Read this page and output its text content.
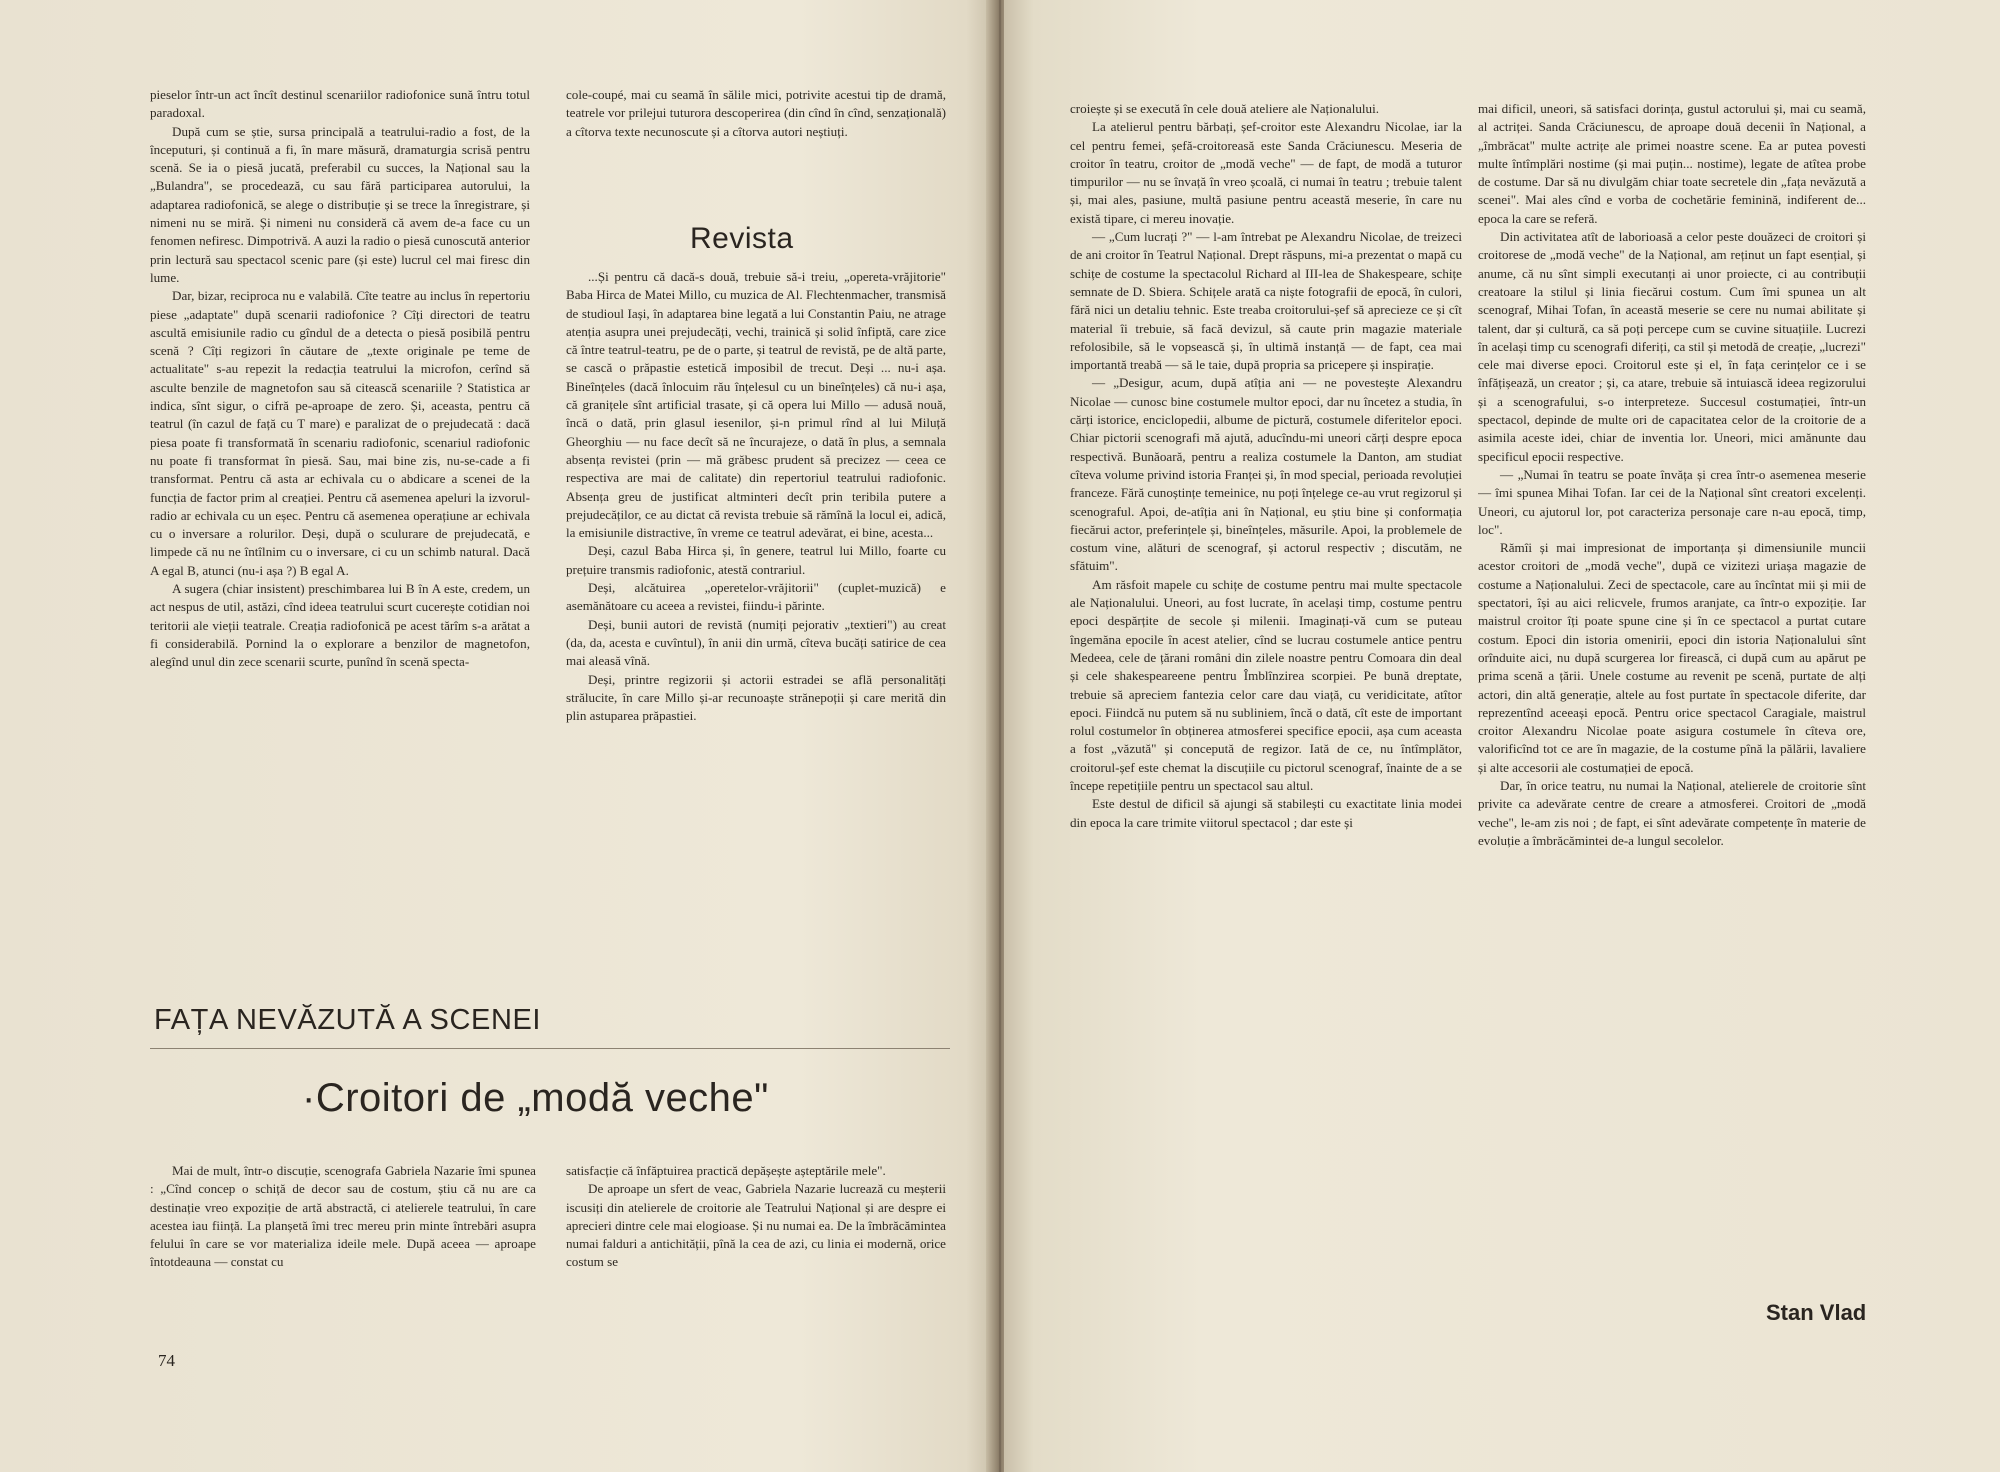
pieselor într-un act încît destinul scenariilor radiofonice sună întru totul paradoxal.

După cum se știe, sursa principală a teatrului-radio a fost, de la începuturi, și continuă a fi, în mare măsură, dramaturgia scrisă pentru scenă. Se ia o piesă jucată, preferabil cu succes, la Național sau la „Bulandra", se procedează, cu sau fără participarea autorului, la adaptarea radiofonică, se alege o distribuție și se trece la înregistrare, și nimeni nu se miră. Și nimeni nu consideră că avem de-a face cu un fenomen nefiresc. Dimpotrivă. A auzi la radio o piesă cunoscută anterior prin lectură sau spectacol scenic pare (și este) lucrul cel mai firesc din lume.

Dar, bizar, reciproca nu e valabilă. Cîte teatre au inclus în repertoriu piese „adaptate" după scenarii radiofonice ? Cîți directori de teatru ascultă emisiunile radio cu gîndul de a detecta o piesă posibilă pentru scenă ? Cîți regizori în căutare de „texte originale pe teme de actualitate" s-au repezit la redacția teatrului la microfon, cerînd să asculte benzile de magnetofon sau să citească scenariile ? Statistica ar indica, sînt sigur, o cifră pe-aproape de zero. Și, aceasta, pentru că teatrul (în cazul de față cu T mare) e paralizat de o prejudecată : dacă piesa poate fi transformată în scenariu radiofonic, scenariul radiofonic nu poate fi transformat în piesă. Sau, mai bine zis, nu-se-cade a fi transformat. Pentru că asta ar echivala cu o abdicare a scenei de la funcția de factor prim al creației. Pentru că asemenea apeluri la izvorul-radio ar echivala cu un eșec. Pentru că asemenea operațiune ar echivala cu o inversare a rolurilor. Deși, după o sculurare de prejudecată, e limpede că nu ne întîlnim cu o inversare, ci cu un schimb natural. Dacă A egal B, atunci (nu-i așa ?) B egal A.

A sugera (chiar insistent) preschimbarea lui B în A este, credem, un act nespus de util, astăzi, cînd ideea teatrului scurt cucerește cotidian noi teritorii ale vieții teatrale. Creația radiofonică pe acest tărîm s-a arătat a fi considerabilă. Pornind la o explorare a benzilor de magnetofon, alegînd unul din zece scenarii scurte, punînd în scenă specta-

cole-coupé, mai cu seamă în sălile mici, potrivite acestui tip de dramă, teatrele vor prilejui tuturora descoperirea (din cînd în cînd, senzațională) a cîtorva texte necunoscute și a cîtorva autori neștiuți.

Revista

...Și pentru că dacă-s două, trebuie să-i treiu, „opereta-vrăjitorie" Baba Hirca de Matei Millo, cu muzica de Al. Flechtenmacher, transmisă de studioul Iași, în adaptarea bine legată a lui Constantin Paiu, ne atrage atenția asupra unei prejudecăți, vechi, trainică și solid înfiptă, care zice că între teatrul-teatru, pe de o parte, și teatrul de revistă, pe de altă parte, se cască o prăpastie estetică imposibil de trecut. Deși ... nu-i așa. Bineînțeles (dacă înlocuim rău înțelesul cu un bineînțeles) că nu-i așa, că granițele sînt artificial trasate, și că opera lui Millo — adusă nouă, încă o dată, prin glasul iesenilor, și-n primul rînd al lui Miluță Gheorghiu — nu face decît să ne încurajeze, o dată în plus, a semnala absența revistei (prin — mă grăbesc prudent să precizez — ceea ce respectiva are mai de calitate) din repertoriul teatrului radiofonic. Absența greu de justificat altminteri decît prin teribila putere a prejudecăților, ce au dictat că revista trebuie să rămînă la locul ei, adică, la emisiunile distractive, în vreme ce teatrul adevărat, ei bine, acesta...

Deși, cazul Baba Hirca și, în genere, teatrul lui Millo, foarte cu prețuire transmis radiofonic, atestă contrariul.

Deși, alcătuirea „operetelor-vrăjitorii" (cuplet-muzică) e asemănătoare cu aceea a revistei, fiindu-i părinte.

Deși, bunii autori de revistă (numiți pejorativ „textieri") au creat (da, da, acesta e cuvîntul), în anii din urmă, cîteva bucăți satirice de cea mai aleasă vînă.

Deși, printre regizorii și actorii estradei se află personalități strălucite, în care Millo și-ar recunoaște strănepoții și care merită din plin astuparea prăpastiei.

FAȚA NEVĂZUTĂ A SCENEI
·Croitori de „modă veche"

Mai de mult, într-o discuție, scenografa Gabriela Nazarie îmi spunea : „Cînd concep o schiță de decor sau de costum, știu că nu are ca destinație vreo expoziție de artă abstractă, ci atelierele teatrului, în care acestea iau ființă. La planșetă îmi trec mereu prin minte întrebări asupra felului în care se vor materializa ideile mele. După aceea — aproape întotdeauna — constat cu

satisfacție că înfăptuirea practică depășește așteptările mele".

De aproape un sfert de veac, Gabriela Nazarie lucrează cu meșterii iscusiți din atelierele de croitorie ale Teatrului Național și are despre ei aprecieri dintre cele mai elogioase. Și nu numai ea. De la îmbrăcămintea numai falduri a antichității, pînă la cea de azi, cu linia ei modernă, orice costum se

74

croiește și se execută în cele două ateliere ale Naționalului.

La atelierul pentru bărbați, șef-croitor este Alexandru Nicolae, iar la cel pentru femei, șefă-croitoreasă este Sanda Crăciunescu. Meseria de croitor în teatru, croitor de „modă veche" — de fapt, de modă a tuturor timpurilor — nu se învață în vreo școală, ci numai în teatru ; trebuie talent și, mai ales, pasiune, multă pasiune pentru această meserie, în care nu există tipare, ci mereu inovație.

— „Cum lucrați ?" — l-am întrebat pe Alexandru Nicolae, de treizeci de ani croitor în Teatrul Național. Drept răspuns, mi-a prezentat o mapă cu schițe de costume la spectacolul Richard al III-lea de Shakespeare, schițe semnate de D. Sbiera. Schițele arată ca niște fotografii de epocă, în culori, fără nici un detaliu tehnic. Este treaba croitorului-șef să aprecieze ce și cît material îi trebuie, să facă devizul, să caute prin magazie materiale refolosibile, să le vopsească și, în ultimă instanță — de fapt, cea mai importantă treabă — să le taie, după propria sa pricepere și inspirație.

— „Desigur, acum, după atîția ani — ne povestește Alexandru Nicolae — cunosc bine costumele multor epoci, dar nu încetez a studia, în cărți istorice, enciclopedii, albume de pictură, costumele diferitelor epoci. Chiar pictorii scenografi mă ajută, aducîndu-mi uneori cărți despre epoca respectivă. Bunăoară, pentru a realiza costumele la Danton, am studiat cîteva volume privind istoria Franței și, în mod special, perioada revoluției franceze. Fără cunoștințe temeinice, nu poți înțelege ce-au vrut regizorul și scenograful. Apoi, de-atîția ani în Național, eu știu bine și conformația fiecărui actor, preferințele și, bineînțeles, măsurile. Apoi, la problemele de costum vine, alături de scenograf, și actorul respectiv ; discutăm, ne sfătuim".

Am răsfoit mapele cu schițe de costume pentru mai multe spectacole ale Naționalului. Uneori, au fost lucrate, în același timp, costume pentru epoci despărțite de secole și milenii. Imaginați-vă cum se puteau îngemăna epocile în acest atelier, cînd se lucrau costumele antice pentru Medeea, cele de țărani români din zilele noastre pentru Comoara din deal și cele shakespeareene pentru Îmblînzirea scorpiei. Pe bună dreptate, trebuie să apreciem fantezia celor care dau viață, cu veridicitate, atîtor epoci. Fiindcă nu putem să nu subliniem, încă o dată, cît este de important rolul costumelor în obținerea atmosferei specifice epocii, așa cum aceasta a fost „văzută" și concepută de regizor. Iată de ce, nu întîmplător, croitorul-șef este chemat la discuțiile cu pictorul scenograf, înainte de a se începe repetițiile pentru un spectacol sau altul.

Este destul de dificil să ajungi să stabilești cu exactitate linia modei din epoca la care trimite viitorul spectacol ; dar este și

mai dificil, uneori, să satisfaci dorința, gustul actorului și, mai cu seamă, al actriței. Sanda Crăciunescu, de aproape două decenii în Național, a „îmbrăcat" multe actrițe ale primei noastre scene. Ea ar putea povesti multe întîmplări nostime (și mai puțin... nostime), legate de atîtea probe de costume. Dar să nu divulgăm chiar toate secretele din „fața nevăzută a scenei". Mai ales cînd e vorba de cochetărie feminină, indiferent de... epoca la care se referă.

Din activitatea atît de laborioasă a celor peste douăzeci de croitori și croitorese de „modă veche" de la Național, am reținut un fapt esențial, și anume, că nu sînt simpli executanți ai unor proiecte, ci au contribuții creatoare la stilul și linia fiecărui costum. Cum îmi spunea un alt scenograf, Mihai Tofan, în această meserie se cere nu numai abilitate și talent, dar și cultură, ca să poți percepe cum se cuvine situațiile. Lucrezi în același timp cu scenografi diferiți, ca stil și metodă de creație, „lucrezi" cele mai diverse epoci. Croitorul este și el, în fața cerințelor ce i se înfățișează, un creator ; și, ca atare, trebuie să intuiască ideea regizorului și a scenografului, s-o interpreteze. Succesul costumației, într-un spectacol, depinde de multe ori de capacitatea celor de la croitorie de a asimila aceste idei, chiar de inventia lor. Uneori, mici amănunte dau specificul epocii respective.

— „Numai în teatru se poate învăța și crea într-o asemenea meserie — îmi spunea Mihai Tofan. Iar cei de la Național sînt creatori excelenți. Uneori, cu ajutorul lor, pot caracteriza personaje care n-au epocă, timp, loc".

Rămîi și mai impresionat de importanța și dimensiunile muncii acestor croitori de „modă veche", după ce vizitezi uriașa magazie de costume a Naționalului. Zeci de spectacole, care au încîntat mii și mii de spectatori, își au aici relicvele, frumos aranjate, ca într-o expoziție. Iar maistrul croitor îți poate spune cine și în ce spectacol a purtat cutare costum. Epoci din istoria omenirii, epoci din istoria Naționalului sînt orînduite aici, nu după scurgerea lor firească, ci după cum au apărut pe prima scenă a țării. Unele costume au revenit pe scenă, purtate de alți actori, din altă generație, altele au fost purtate în spectacole diferite, dar reprezentînd aceeași epocă. Pentru orice spectacol Caragiale, maistrul croitor Alexandru Nicolae poate asigura costumele în cîteva ore, valorificînd tot ce are în magazie, de la costume pînă la pălării, lavaliere și alte accesorii ale costumației de epocă.

Dar, în orice teatru, nu numai la Național, atelierele de croitorie sînt privite ca adevărate centre de creare a atmosferei. Croitori de „modă veche", le-am zis noi ; de fapt, ei sînt adevărate competențe în materie de evoluție a îmbrăcămintei de-a lungul secolelor.

Stan Vlad
